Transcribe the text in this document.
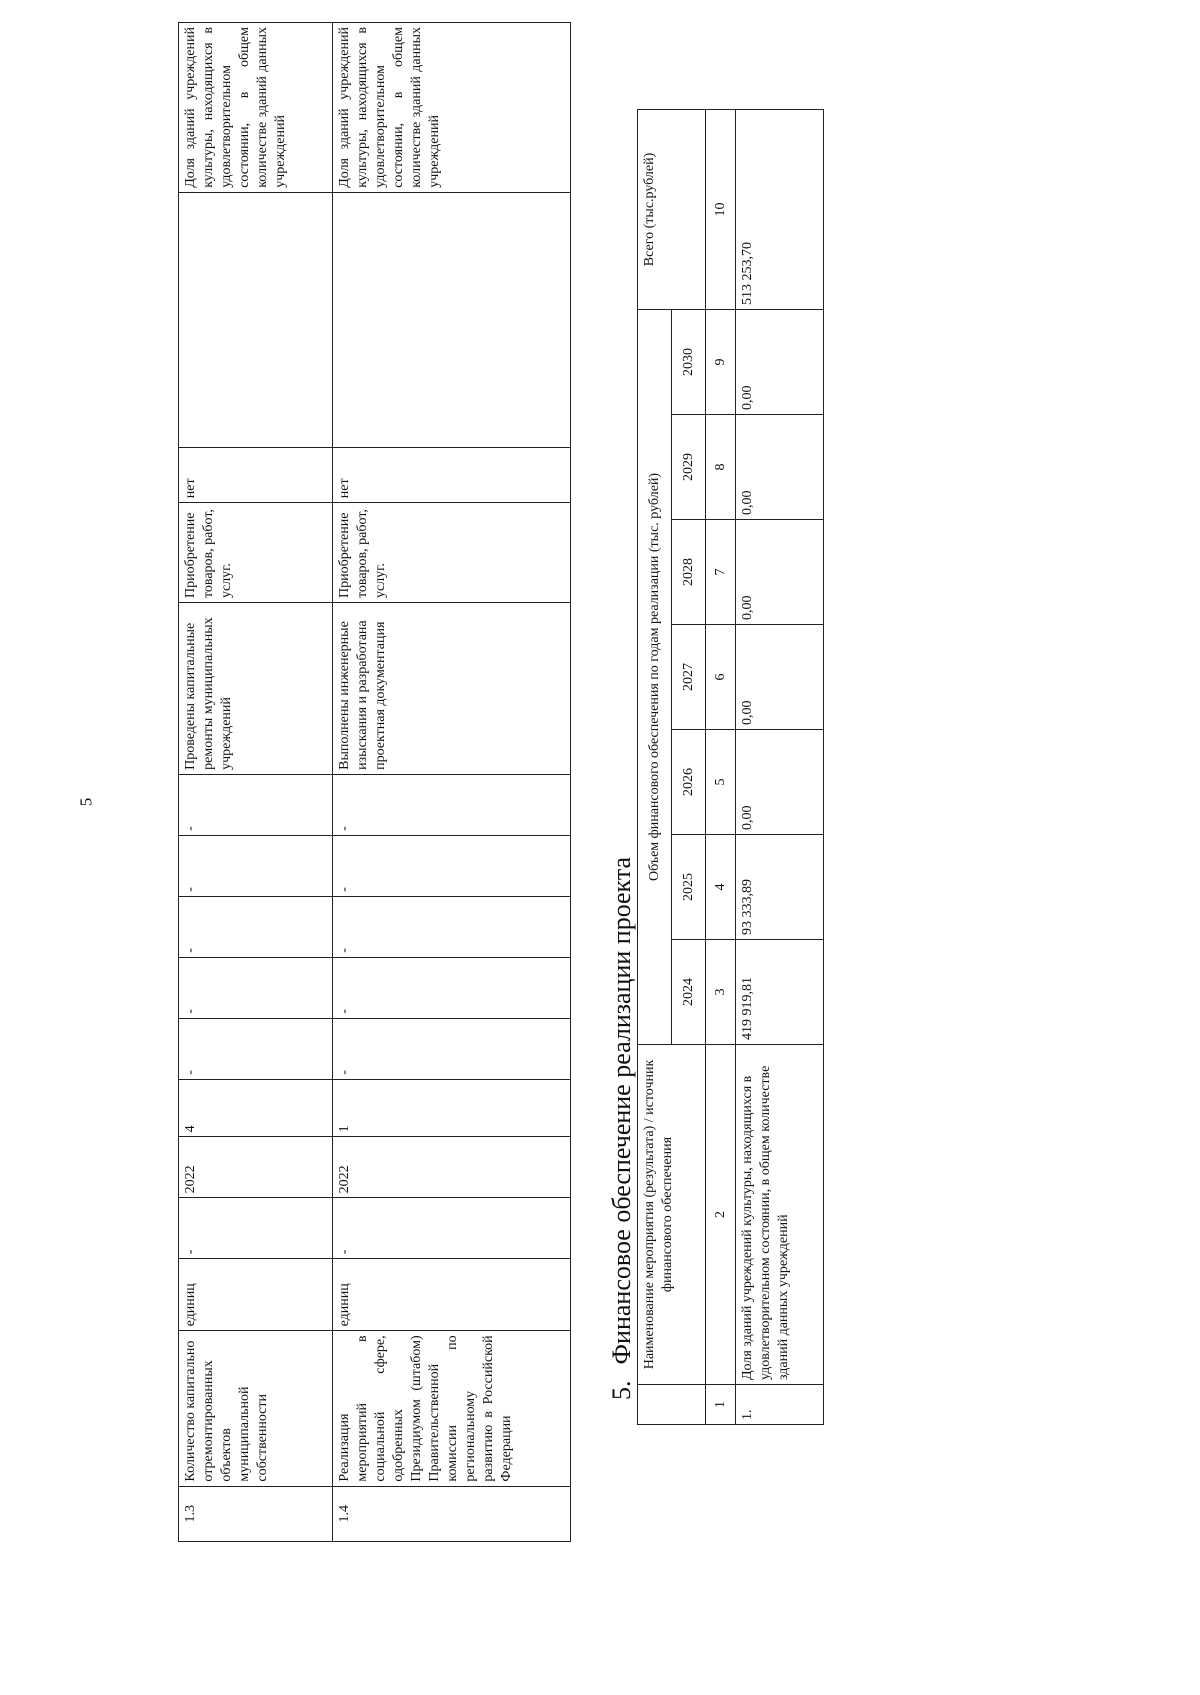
5
1.3	Количество капитально отремонтированных объектов муниципальной собственности	единиц	-	2022	4	-	-	-	-	-	Проведены капитальные ремонты муниципальных учреждений	Приобретение товаров, работ, услуг.	нет		Доля зданий учреждений культуры, находящихся в удовлетворительном состоянии, в общем количестве зданий данных учреждений
1.4	Реализация мероприятий в социальной сфере, одобренных Президиумом (штабом) Правительственной комиссии по региональному развитию в Российской Федерации	единиц	-	2022	1	-	-	-	-	-	Выполнены инженерные изыскания и разработана проектная документация	Приобретение товаров, работ, услуг.	нет		Доля зданий учреждений культуры, находящихся в удовлетворительном состоянии, в общем количестве зданий данных учреждений
5.Финансовое обеспечение реализации проекта
	Наименование мероприятия (результата) / источник финансового обеспечения	Объем финансового обеспечения по годам реализации (тыс. рублей)							Всего (тыс.рублей)
		2024	2025	2026	2027	2028	2029	2030	
1	2	3	4	5	6	7	8	9	10
1.	Доля зданий учреждений культуры, находящихся в удовлетворительном состоянии, в общем количестве зданий данных учреждений	419 919,81	93 333,89	0,00	0,00	0,00	0,00	0,00	513 253,70
